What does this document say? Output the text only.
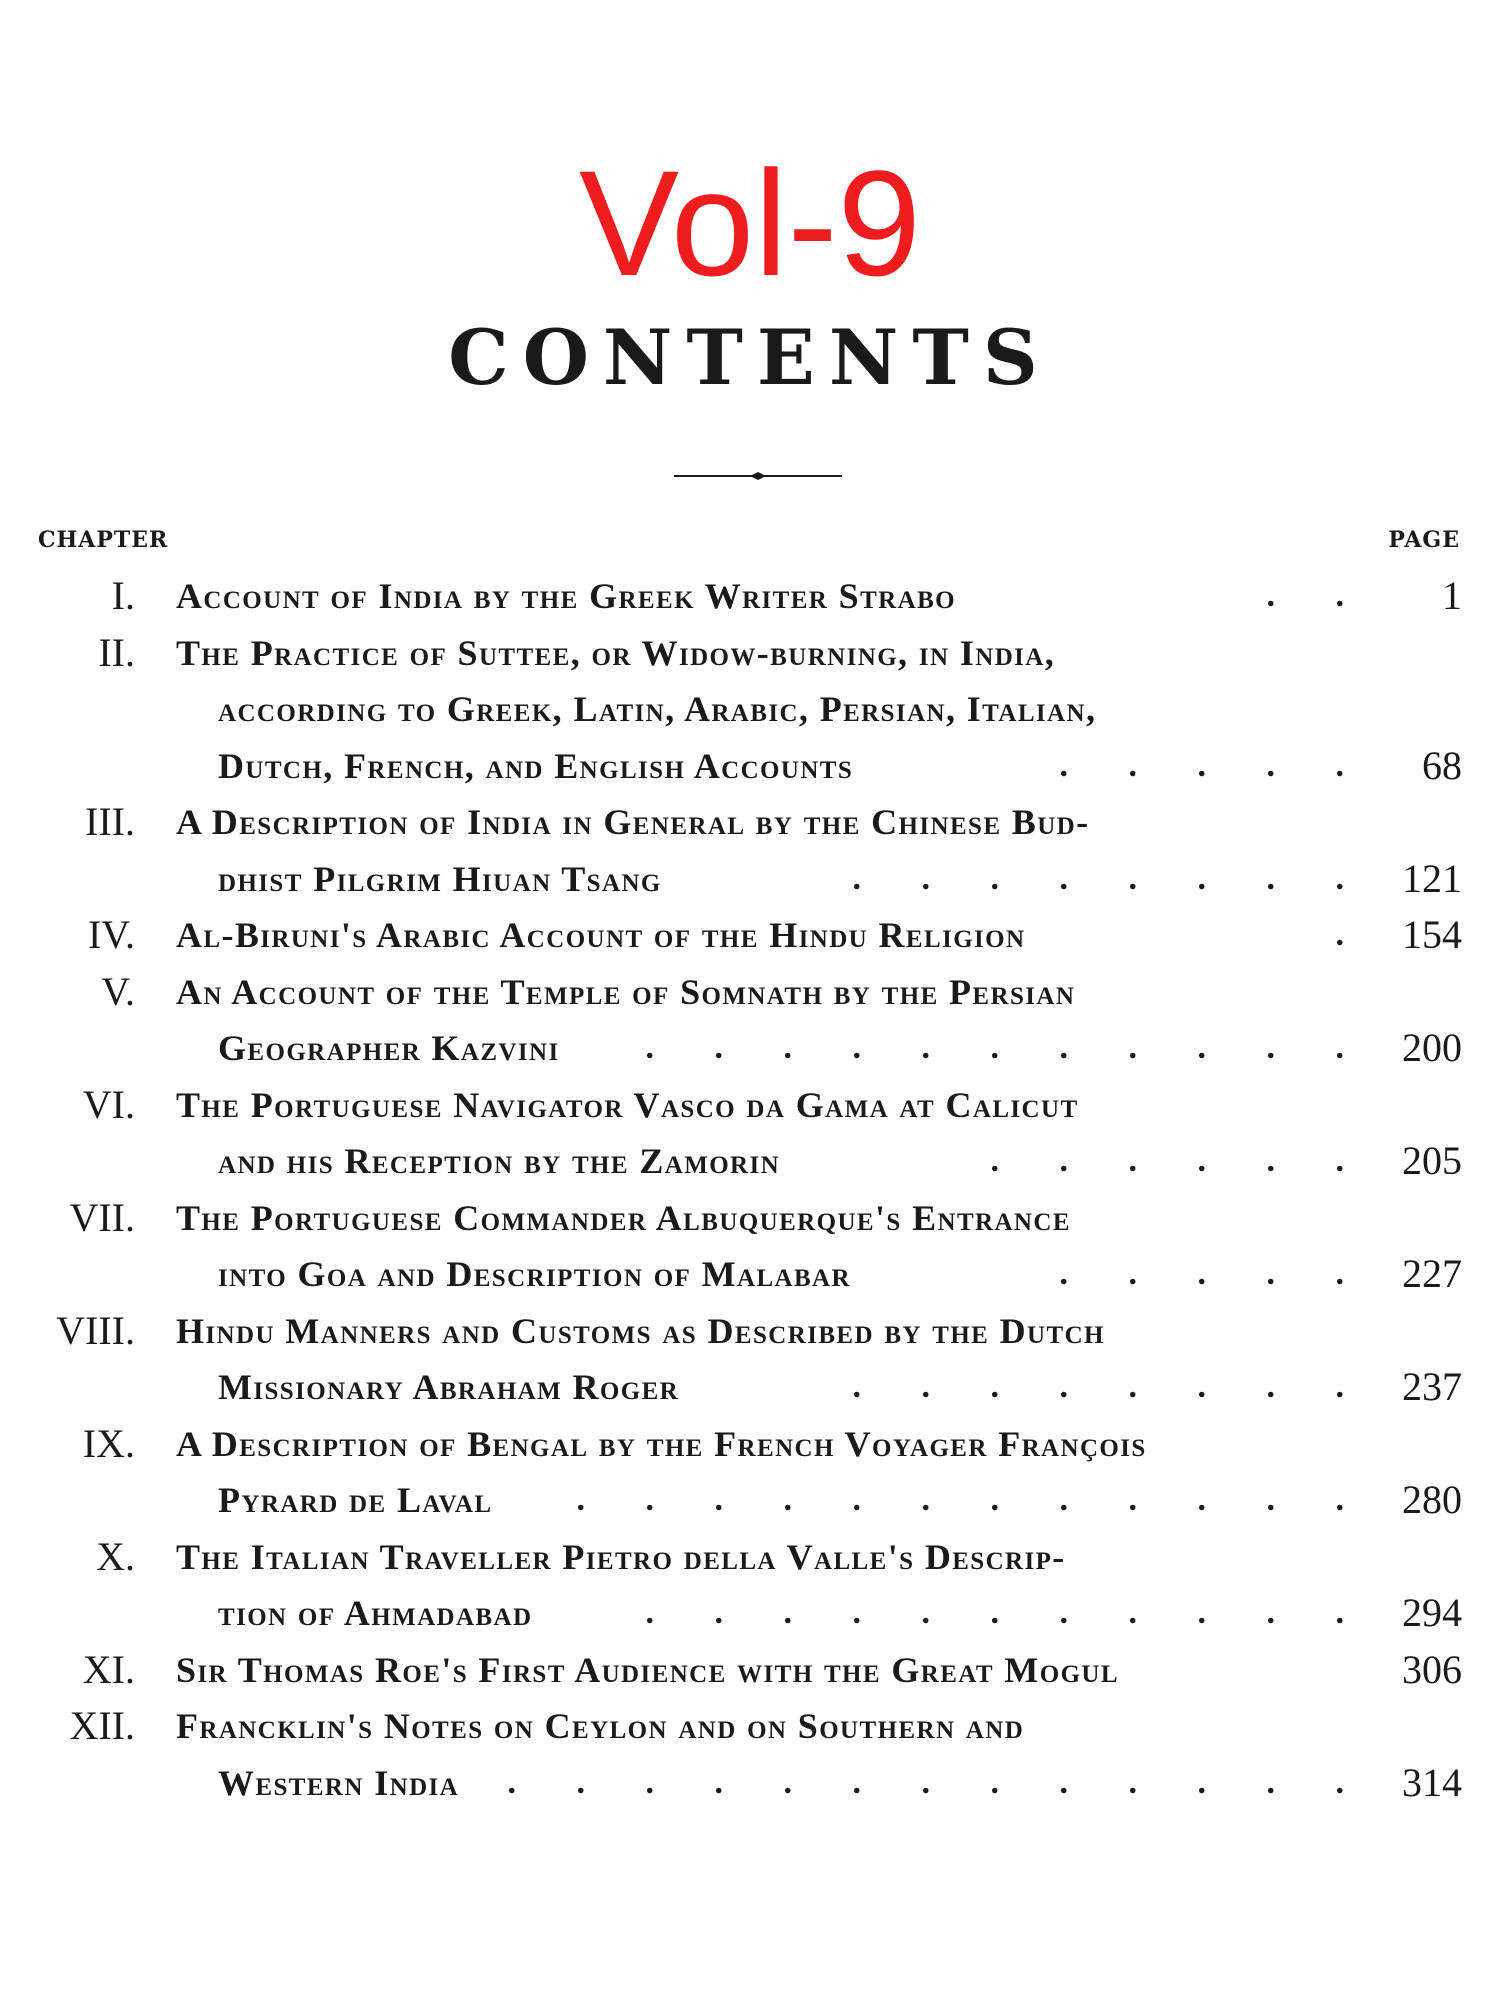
Vol-9
CONTENTS
CHAPTER	PAGE
I. Account of India by the Greek Writer Strabo	. . 1
II. The Practice of Suttee, or Widow-burning, in India,
according to Greek, Latin, Arabic, Persian, Italian,
Dutch, French, and English Accounts	. . . . . 68
III. A Description of India in General by the Chinese Bud-
dhist Pilgrim Hiuan Tsang	. . . . . . . . 121
IV. Al-Biruni's Arabic Account of the Hindu Religion	. 154
V. An Account of the Temple of Somnath by the Persian
Geographer Kazvini	. . . . . . . . . . . 200
VI. The Portuguese Navigator Vasco da Gama at Calicut
and his Reception by the Zamorin	. . . . . . 205
VII. The Portuguese Commander Albuquerque's Entrance
into Goa and Description of Malabar	. . . . . 227
VIII. Hindu Manners and Customs as Described by the Dutch
Missionary Abraham Roger	. . . . . . . . 237
IX. A Description of Bengal by the French Voyager François
Pyrard de Laval . . . . . . . . . . . . 280
X. The Italian Traveller Pietro della Valle's Descrip-
tion of Ahmadabad	. . . . . . . . . . . 294
XI. Sir Thomas Roe's First Audience with the Great Mogul	306
XII. Francklin's Notes on Ceylon and on Southern and
Western India . . . . . . . . . . . . . 314
